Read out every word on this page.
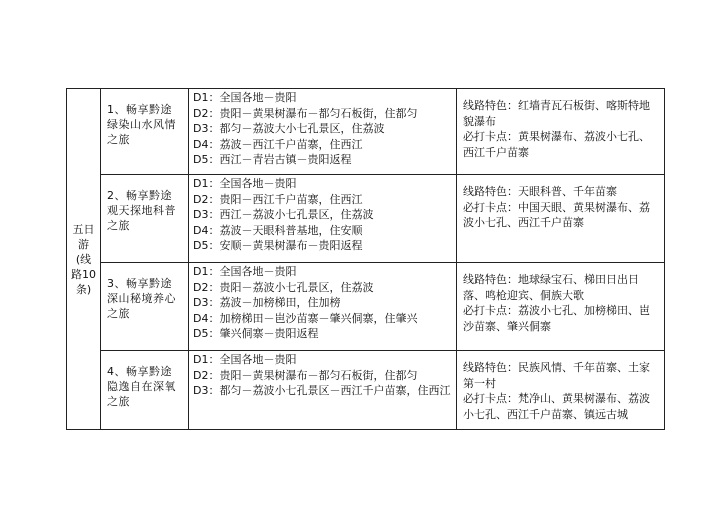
五日游(线路10条)	1、畅享黔途绿染山水风情之旅	D1：全国各地－贵阳
D2：贵阳－黄果树瀑布－都匀石板街，住都匀
D3：都匀－荔波大小七孔景区，住荔波
D4：荔波－西江千户苗寨，住西江
D5：西江－青岩古镇－贵阳返程	线路特色：红墙青瓦石板街、喀斯特地貌瀑布
必打卡点：黄果树瀑布、荔波小七孔、西江千户苗寨

	2、畅享黔途观天探地科普之旅	D1：全国各地－贵阳
D2：贵阳－西江千户苗寨，住西江
D3：西江－荔波小七孔景区，住荔波
D4：荔波－天眼科普基地，住安顺
D5：安顺－黄果树瀑布－贵阳返程	线路特色：天眼科普、千年苗寨
必打卡点：中国天眼、黄果树瀑布、荔波小七孔、西江千户苗寨

	3、畅享黔途深山秘境养心之旅	D1：全国各地－贵阳
D2：贵阳－荔波小七孔景区，住荔波
D3：荔波－加榜梯田，住加榜
D4：加榜梯田－岜沙苗寨－肇兴侗寨，住肇兴
D5：肇兴侗寨－贵阳返程	线路特色：地球绿宝石、梯田日出日落、鸣枪迎宾、侗族大歌
必打卡点：荔波小七孔、加榜梯田、岜沙苗寨、肇兴侗寨

	4、畅享黔途隐逸自在深氧之旅	D1：全国各地－贵阳
D2：贵阳－黄果树瀑布－都匀石板街，住都匀
D3：都匀－荔波小七孔景区－西江千户苗寨，住西江	线路特色：民族风情、千年苗寨、土家第一村
必打卡点：梵净山、黄果树瀑布、荔波小七孔、西江千户苗寨、镇远古城
